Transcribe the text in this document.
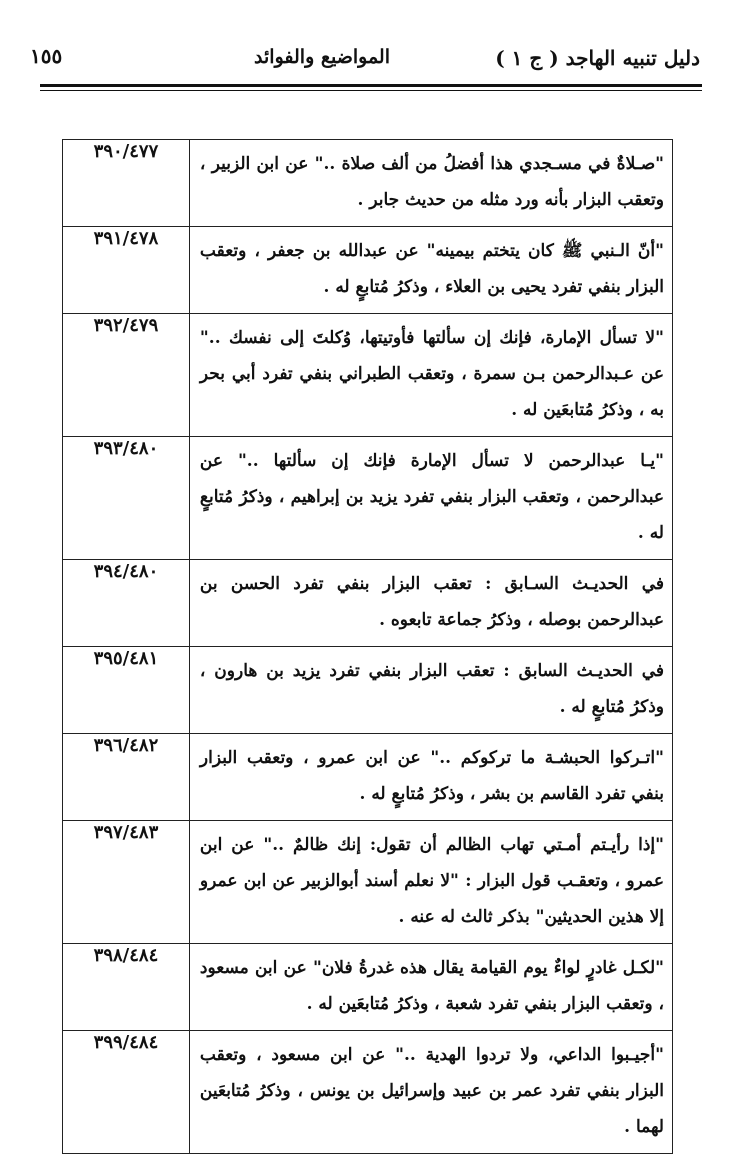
دليل تنبيه الهاجد ( ج ١ )
المواضيع والفوائد
١٥٥
"صـلاةٌ في مسـجدي هذا أفضلُ من ألف صلاة .." عن ابن الزبير ، وتعقب البزار بأنه ورد مثله من حديث جابر .	٣٩٠/٤٧٧
"أنّ الـنبي ﷺ كان يتختم بيمينه" عن عبدالله بن جعفر ، وتعقب البزار بنفي تفرد يحيى بن العلاء ، وذكرُ مُتابعٍ له .	٣٩١/٤٧٨
"لا تسأل الإمارة، فإنك إن سألتها فأوتيتها، وُكلتَ إلى نفسك .." عن عـبدالرحمن بـن سمرة ، وتعقب الطبراني بنفي تفرد أبي بحر به ، وذكرُ مُتابعَين له .	٣٩٢/٤٧٩
"يـا عبدالرحمن لا تسأل الإمارة فإنك إن سألتها .." عن عبدالرحمن ، وتعقب البزار بنفي تفرد يزيد بن إبراهيم ، وذكرُ مُتابعٍ له .	٣٩٣/٤٨٠
في الحديـث السـابق : تعقب البزار بنفي تفرد الحسن بن عبدالرحمن بوصله ، وذكرُ جماعة تابعوه .	٣٩٤/٤٨٠
في الحديـث السابق : تعقب البزار بنفي تفرد يزيد بن هارون ، وذكرُ مُتابعٍ له .	٣٩٥/٤٨١
"اتـركوا الحبشـة ما تركوكم .." عن ابن عمرو ، وتعقب البزار بنفي تفرد القاسم بن بشر ، وذكرُ مُتابعٍ له .	٣٩٦/٤٨٢
"إذا رأيـتم أمـتي تهاب الظالم أن تقول: إنك ظالمٌ .." عن ابن عمرو ، وتعقـب قول البزار : "لا نعلم أسند أبوالزبير عن ابن عمرو إلا هذين الحديثين" بذكر ثالث له عنه .	٣٩٧/٤٨٣
"لكـل غادرٍ لواءٌ يوم القيامة يقال هذه غدرةُ فلان" عن ابن مسعود ، وتعقب البزار بنفي تفرد شعبة ، وذكرُ مُتابعَين له .	٣٩٨/٤٨٤
"أجيـبوا الداعي، ولا تردوا الهدية .." عن ابن مسعود ، وتعقب البزار بنفي تفرد عمر بن عبيد وإسرائيل بن يونس ، وذكرُ مُتابعَين لهما .	٣٩٩/٤٨٤
